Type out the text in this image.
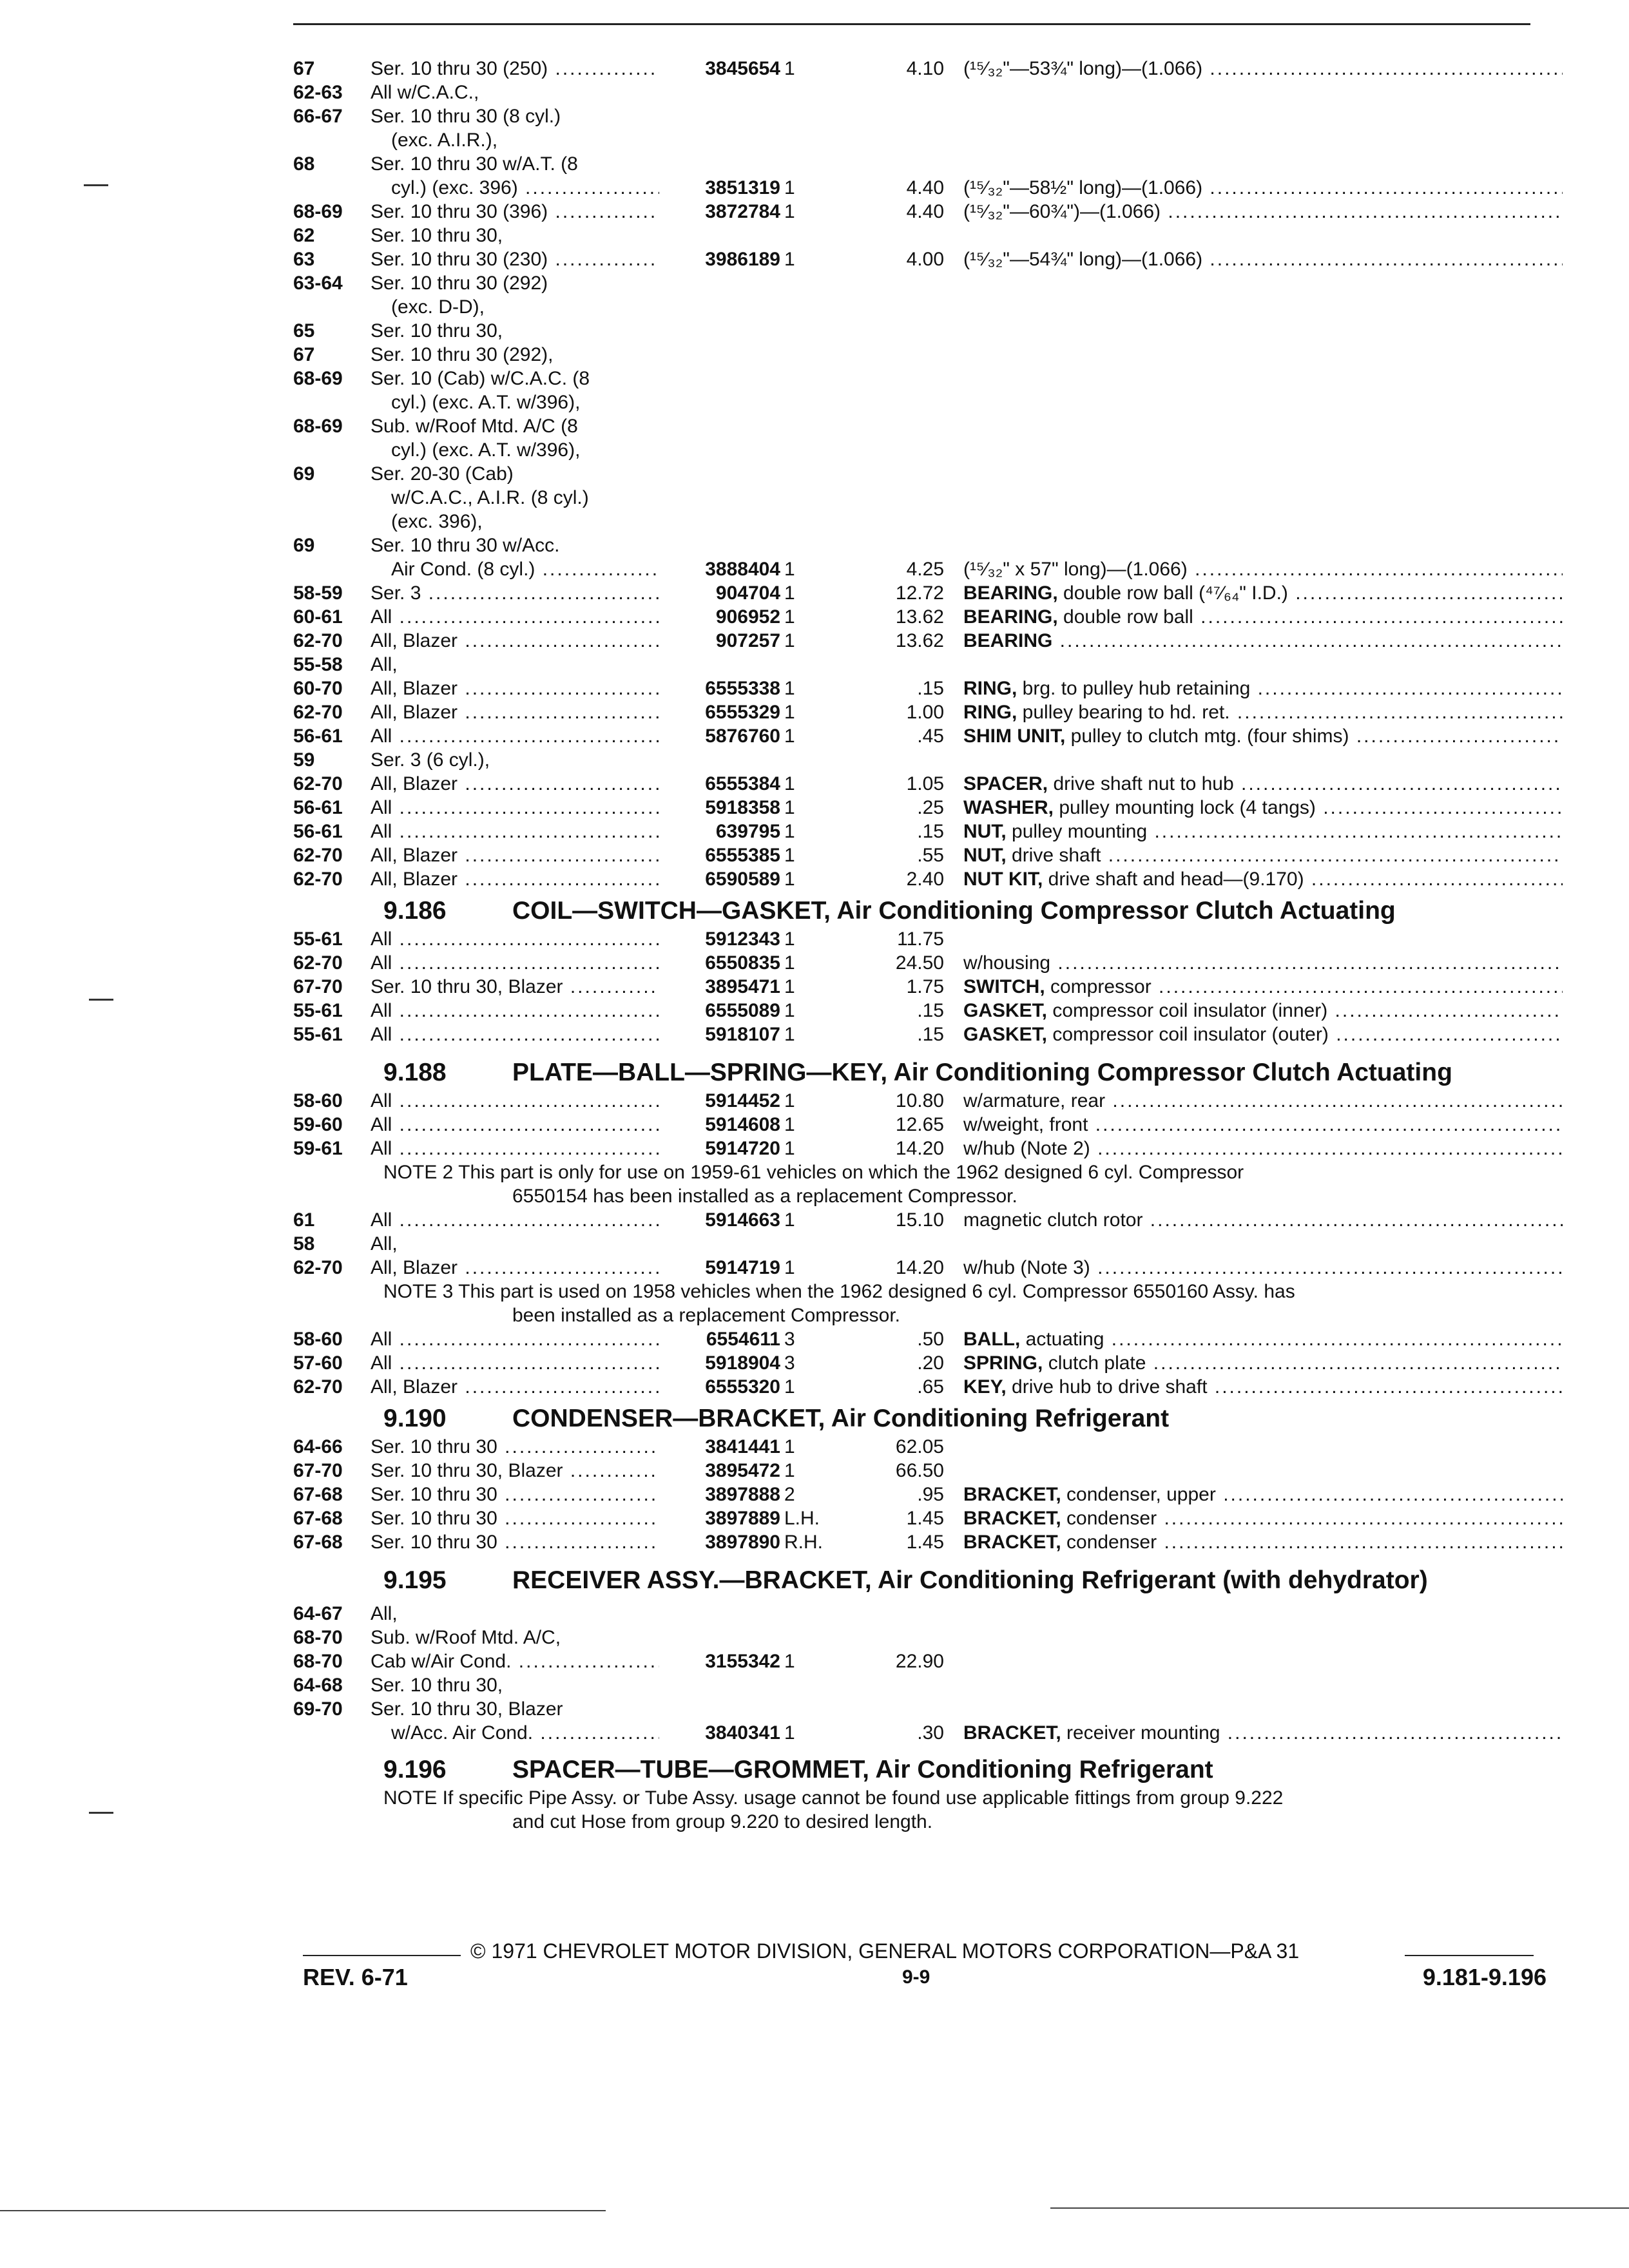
67	Ser. 10 thru 30 (250) .....	3845654 1	4.10 (¹⁵⁄₃₂"—53¾" long)—(1.066) .....
62-63	All w/C.A.C.,
66-67	Ser. 10 thru 30 (8 cyl.)
(exc. A.I.R.),
68	Ser. 10 thru 30 w/A.T. (8
cyl.) (exc. 396) .....	3851319 1	4.40 (¹⁵⁄₃₂"—58½" long)—(1.066) .....
68-69	Ser. 10 thru 30 (396) .....	3872784 1	4.40 (¹⁵⁄₃₂"—60¾")—(1.066) .....
62	Ser. 10 thru 30,
63	Ser. 10 thru 30 (230) .....	3986189 1	4.00 (¹⁵⁄₃₂"—54¾" long)—(1.066) .....
63-64	Ser. 10 thru 30 (292)
(exc. D-D),
65	Ser. 10 thru 30,
67	Ser. 10 thru 30 (292),
68-69	Ser. 10 (Cab) w/C.A.C. (8
cyl.) (exc. A.T. w/396),
68-69	Sub. w/Roof Mtd. A/C (8
cyl.) (exc. A.T. w/396),
69	Ser. 20-30 (Cab)
w/C.A.C., A.I.R. (8 cyl.)
(exc. 396),
69	Ser. 10 thru 30 w/Acc.
Air Cond. (8 cyl.) .....	3888404 1	4.25 (¹⁵⁄₃₂" x 57" long)—(1.066) .....
58-59	Ser. 3 .....	904704 1	12.72 BEARING, double row ball (⁴⁷⁄₆₄" I.D.) .....
60-61	All .....	906952 1	13.62 BEARING, double row ball .....
62-70	All, Blazer .....	907257 1	13.62 BEARING .....
55-58	All,
60-70	All, Blazer .....	6555338 1	.15 RING, brg. to pulley hub retaining .....
62-70	All, Blazer .....	6555329 1	1.00 RING, pulley bearing to hd. ret. .....
56-61	All .....	5876760 1	.45 SHIM UNIT, pulley to clutch mtg. (four shims) .....
59	Ser. 3 (6 cyl.),
62-70	All, Blazer .....	6555384 1	1.05 SPACER, drive shaft nut to hub .....
56-61	All .....	5918358 1	.25 WASHER, pulley mounting lock (4 tangs) .....
56-61	All .....	639795 1	.15 NUT, pulley mounting .....
62-70	All, Blazer .....	6555385 1	.55 NUT, drive shaft .....
62-70	All, Blazer .....	6590589 1	2.40 NUT KIT, drive shaft and head—(9.170) .....
9.186	COIL—SWITCH—GASKET, Air Conditioning Compressor Clutch Actuating
55-61	All .....	5912343 1	11.75
62-70	All .....	6550835 1	24.50 w/housing .....
67-70	Ser. 10 thru 30, Blazer .....	3895471 1	1.75 SWITCH, compressor .....
55-61	All .....	6555089 1	.15 GASKET, compressor coil insulator (inner) .....
55-61	All .....	5918107 1	.15 GASKET, compressor coil insulator (outer) .....
9.188	PLATE—BALL—SPRING—KEY, Air Conditioning Compressor Clutch Actuating
58-60	All .....	5914452 1	10.80 w/armature, rear .....
59-60	All .....	5914608 1	12.65 w/weight, front .....
59-61	All .....	5914720 1	14.20 w/hub (Note 2) .....
NOTE 2 This part is only for use on 1959-61 vehicles on which the 1962 designed 6 cyl. Compressor
6550154 has been installed as a replacement Compressor.
61	All .....	5914663 1	15.10 magnetic clutch rotor .....
58	All,
62-70	All, Blazer .....	5914719 1	14.20 w/hub (Note 3) .....
NOTE 3 This part is used on 1958 vehicles when the 1962 designed 6 cyl. Compressor 6550160 Assy. has
been installed as a replacement Compressor.
58-60	All .....	6554611 3	.50 BALL, actuating .....
57-60	All .....	5918904 3	.20 SPRING, clutch plate .....
62-70	All, Blazer .....	6555320 1	.65 KEY, drive hub to drive shaft .....
9.190	CONDENSER—BRACKET, Air Conditioning Refrigerant
64-66	Ser. 10 thru 30 .....	3841441 1	62.05
67-70	Ser. 10 thru 30, Blazer .....	3895472 1	66.50
67-68	Ser. 10 thru 30 .....	3897888 2	.95 BRACKET, condenser, upper .....
67-68	Ser. 10 thru 30 .....	3897889 L.H.	1.45 BRACKET, condenser .....
67-68	Ser. 10 thru 30 .....	3897890 R.H.	1.45 BRACKET, condenser .....
9.195	RECEIVER ASSY.—BRACKET, Air Conditioning Refrigerant (with dehydrator)
64-67	All,
68-70	Sub. w/Roof Mtd. A/C,
68-70	Cab w/Air Cond. .....	3155342 1	22.90
64-68	Ser. 10 thru 30,
69-70	Ser. 10 thru 30, Blazer
w/Acc. Air Cond. .....	3840341 1	.30 BRACKET, receiver mounting .....
9.196	SPACER—TUBE—GROMMET, Air Conditioning Refrigerant
NOTE If specific Pipe Assy. or Tube Assy. usage cannot be found use applicable fittings from group 9.222
and cut Hose from group 9.220 to desired length.
© 1971 CHEVROLET MOTOR DIVISION, GENERAL MOTORS CORPORATION—P&A 31
REV. 6-71	9-9	9.181-9.196
